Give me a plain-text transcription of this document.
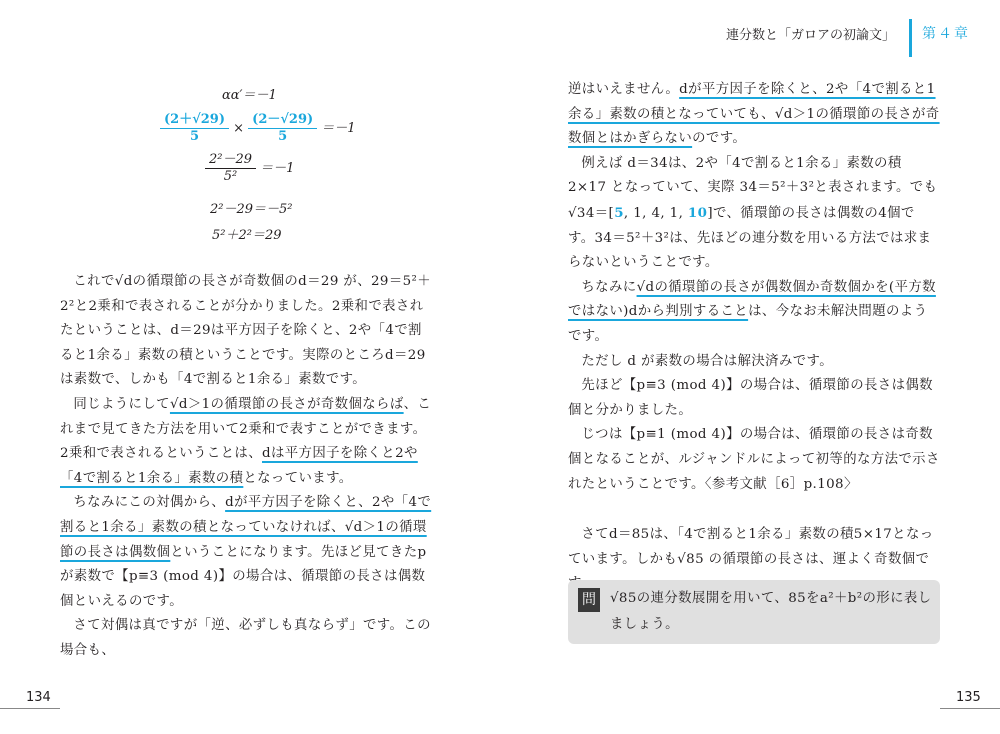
αα′＝－1
$\frac{(2+√29)}{5} \times \frac{(2-√29)}{5} =-1$
$\frac{\text{2²－29}}{\text{5²}} =-1$
2²－29＝－5²
5²＋2²＝29

これで√dの循環節の長さが奇数個のd＝29 が、29＝5²＋2²と2乗和で表されることが分かりました。2乗和で表されたということは、d＝29は平方因子を除くと、2や「4で割ると1余る」素数の積ということです。実際のところd＝29は素数で、しかも「4で割ると1余る」素数です。

同じようにして√d＞1の循環節の長さが奇数個ならば、これまで見てきた方法を用いて2乗和で表すことができます。2乗和で表されるということは、dは平方因子を除くと2や「4で割ると1余る」素数の積となっています。

ちなみにこの対偶から、dが平方因子を除くと、2や「4で割ると1余る」素数の積となっていなければ、√d＞1の循環節の長さは偶数個ということになります。先ほど見てきたpが素数で【p≡3 (mod 4)】の場合は、循環節の長さは偶数個といえるのです。

さて対偶は真ですが「逆、必ずしも真ならず」です。この場合も、

134
連分数と「ガロアの初論文」 第４章
135

逆はいえません。dが平方因子を除くと、2や「4で割ると1余る」素数の積となっていても、√d＞1の循環節の長さが奇数個とはかぎらないのです。

例えば d＝34は、2や「4で割ると1余る」素数の積 2×17 となっていて、実際 34＝5²＋3²と表されます。でも √34＝[5, 1, 4, 1, 10]で、循環節の長さは偶数の4個です。34＝5²＋3²は、先ほどの連分数を用いる方法では求まらないということです。

ちなみに√dの循環節の長さが偶数個か奇数個かを(平方数ではない)dから判別することは、今なお未解決問題のようです。

ただし d が素数の場合は解決済みです。

先ほど【p≡3 (mod 4)】の場合は、循環節の長さは偶数個と分かりました。

じつは【p≡1 (mod 4)】の場合は、循環節の長さは奇数個となることが、ルジャンドルによって初等的な方法で示されたということです。〈参考文献［6］p.108〉

さてd＝85は、「4で割ると1余る」素数の積5×17となっています。しかも√85 の循環節の長さは、運よく奇数個で

問 √85の連分数展開を用いて、85をa²＋b²の形に表しましょう。
